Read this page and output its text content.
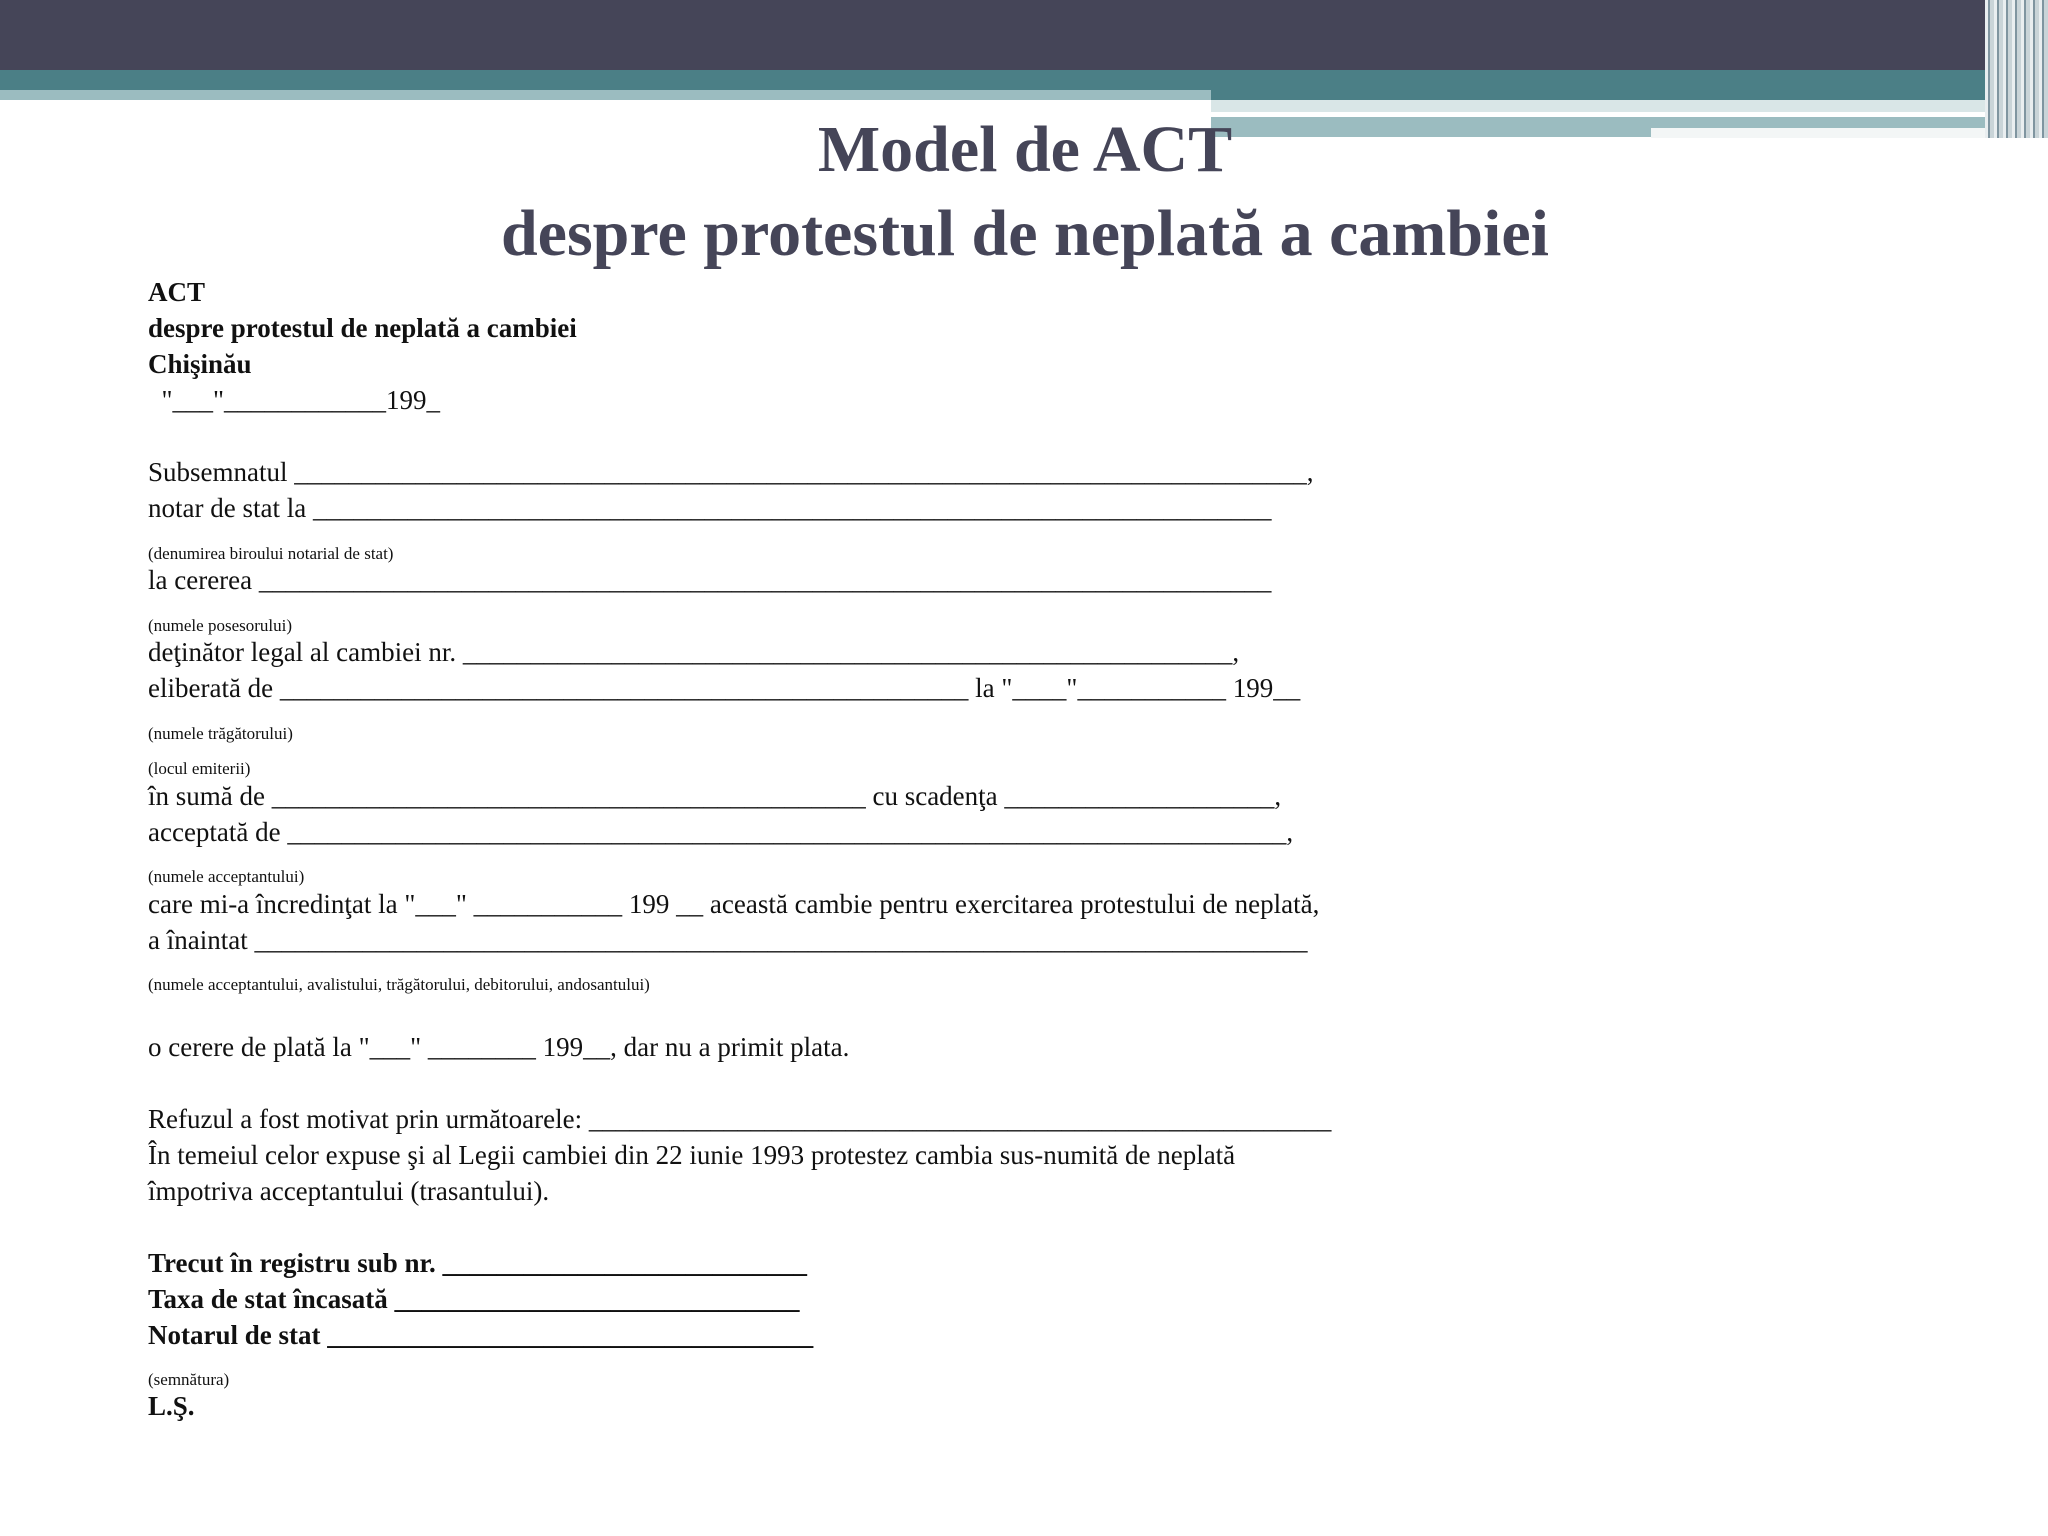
Model de ACT
despre protestul de neplată a cambiei
ACT
despre protestul de neplată a cambiei
Chişinău
"___"____________199_
Subsemnatul ___________________________________________________________________________,
notar de stat la _______________________________________________________________________
(denumirea biroului notarial de stat)
la cererea ___________________________________________________________________________
(numele posesorului)
deţinător legal al cambiei nr. _________________________________________________________,
eliberată de ___________________________________________________ la "____"___________ 199__
(numele trăgătorului)
(locul emiterii)
în sumă de ____________________________________________ cu scadenţa ____________________,
acceptată de __________________________________________________________________________,
(numele acceptantului)
care mi-a încredinţat la "___" ___________ 199 __ această cambie pentru exercitarea protestului de neplată,
a înaintat ______________________________________________________________________________
(numele acceptantului, avalistului, trăgătorului, debitorului, andosantului)
o cerere de plată la "___" ________ 199__, dar nu a primit plata.
Refuzul a fost motivat prin următoarele: _______________________________________________________
În temeiul celor expuse şi al Legii cambiei din 22 iunie 1993 protestez cambia sus-numită de neplată
împotriva acceptantului (trasantului).
Trecut în registru sub nr. ___________________________
Taxa de stat încasată ______________________________
Notarul de stat ____________________________________
(semnătura)
L.Ş.
